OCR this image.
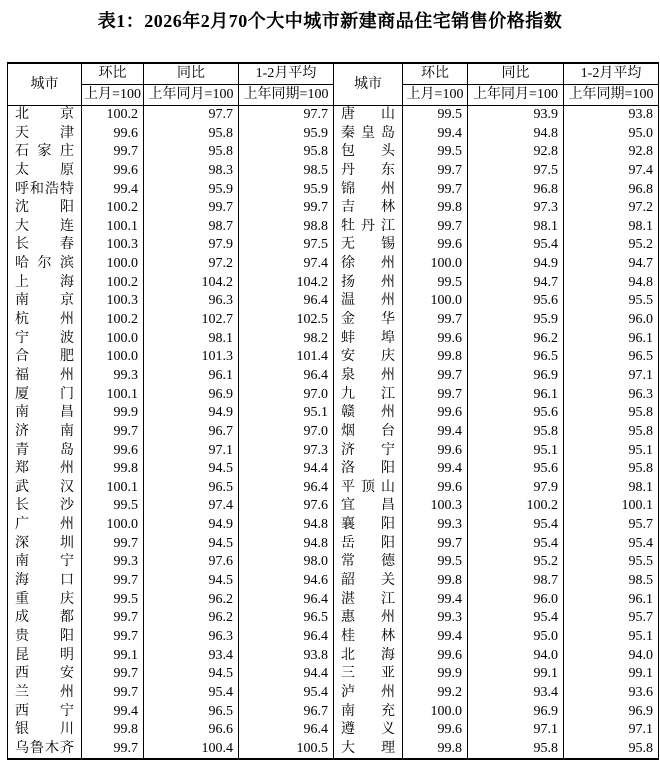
表1：2026年2月70个大中城市新建商品住宅销售价格指数
城市	环比	同比	1-2月平均	城市	环比	同比	1-2月平均
	上月=100	上年同月=100	上年同期=100		上月=100	上年同月=100	上年同期=100

北 京	100.2	97.7	97.7	唐 山	99.5	93.9	93.8

天 津	99.6	95.8	95.9	秦 皇 岛	99.4	94.8	95.0

石 家 庄	99.7	95.8	95.8	包 头	99.5	92.8	92.8

太 原	99.6	98.3	98.5	丹 东	99.7	97.5	97.4

呼 和 浩 特	99.4	95.9	95.9	锦 州	99.7	96.8	96.8

沈 阳	100.2	99.7	99.7	吉 林	99.8	97.3	97.2

大 连	100.1	98.7	98.8	牡 丹 江	99.7	98.1	98.1

长 春	100.3	97.9	97.5	无 锡	99.6	95.4	95.2

哈 尔 滨	100.0	97.2	97.4	徐 州	100.0	94.9	94.7

上 海	100.2	104.2	104.2	扬 州	99.5	94.7	94.8

南 京	100.3	96.3	96.4	温 州	100.0	95.6	95.5

杭 州	100.2	102.7	102.5	金 华	99.7	95.9	96.0

宁 波	100.0	98.1	98.2	蚌 埠	99.6	96.2	96.1

合 肥	100.0	101.3	101.4	安 庆	99.8	96.5	96.5

福 州	99.3	96.1	96.4	泉 州	99.7	96.9	97.1

厦 门	100.1	96.9	97.0	九 江	99.7	96.1	96.3

南 昌	99.9	94.9	95.1	赣 州	99.6	95.6	95.8

济 南	99.7	96.7	97.0	烟 台	99.4	95.8	95.8

青 岛	99.6	97.1	97.3	济 宁	99.6	95.1	95.1

郑 州	99.8	94.5	94.4	洛 阳	99.4	95.6	95.8

武 汉	100.1	96.5	96.4	平 顶 山	99.6	97.9	98.1

长 沙	99.5	97.4	97.6	宜 昌	100.3	100.2	100.1

广 州	100.0	94.9	94.8	襄 阳	99.3	95.4	95.7

深 圳	99.7	94.5	94.8	岳 阳	99.7	95.4	95.4

南 宁	99.3	97.6	98.0	常 德	99.5	95.2	95.5

海 口	99.7	94.5	94.6	韶 关	99.8	98.7	98.5

重 庆	99.5	96.2	96.4	湛 江	99.4	96.0	96.1

成 都	99.7	96.2	96.5	惠 州	99.3	95.4	95.7

贵 阳	99.7	96.3	96.4	桂 林	99.4	95.0	95.1

昆 明	99.1	93.4	93.8	北 海	99.6	94.0	94.0

西 安	99.7	94.5	94.4	三 亚	99.9	99.1	99.1

兰 州	99.7	95.4	95.4	泸 州	99.2	93.4	93.6

西 宁	99.4	96.5	96.7	南 充	100.0	96.9	96.9

银 川	99.8	96.6	96.4	遵 义	99.6	97.1	97.1

乌 鲁 木 齐	99.7	100.4	100.5	大 理	99.8	95.8	95.8
